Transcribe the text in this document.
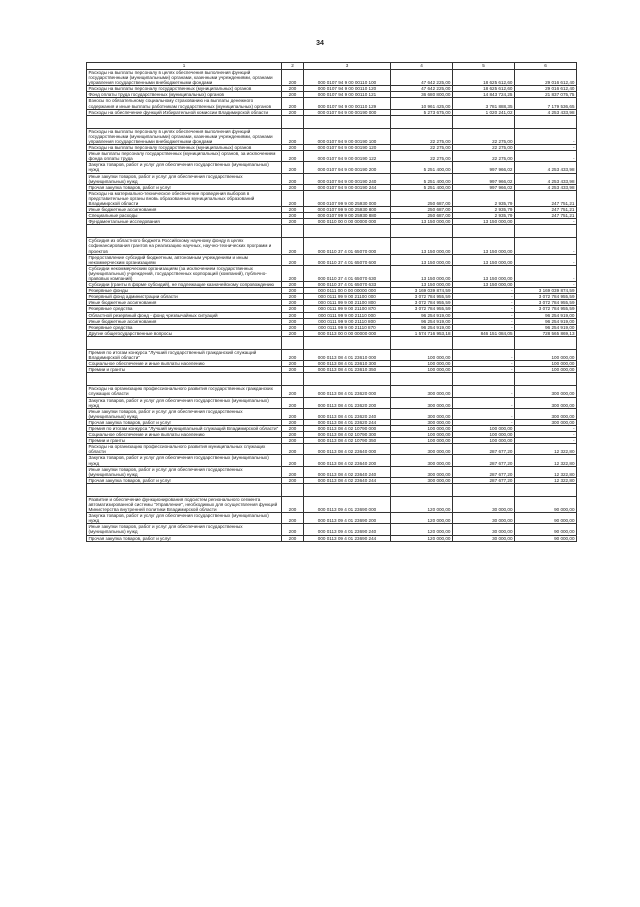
34
1	2	3	4	5	6
Расходы на выплаты персоналу в целях обеспечения выполнения функций государственными (муниципальными) органами, казенными учреждениями, органами управления государственными внебюджетными фондами	200	000 0107 94 9 00 00110 100	47 642 225,00	18 625 612,60	29 016 612,40
Расходы на выплаты персоналу государственных (муниципальных) органов	200	000 0107 94 9 00 00110 120	47 642 225,00	18 625 612,60	29 016 612,40
Фонд оплаты труда государственных (муниципальных) органов	200	000 0107 94 9 00 00110 121	36 680 800,00	14 843 724,25	21 837 075,75
Взносы по обязательному социальному страхованию на выплаты денежного содержания и иные выплаты работникам государственных (муниципальных) органов	200	000 0107 94 9 00 00110 129	10 961 425,00	3 781 888,35	7 179 536,65
Расходы на обеспечение функций Избирательной комиссии Владимирской области	200	000 0107 94 9 00 00190 000	5 273 675,00	1 020 241,02	4 253 433,98

Расходы на выплаты персоналу в целях обеспечения выполнения функций государственными (муниципальными) органами, казенными учреждениями, органами управления государственными внебюджетными фондами	200	000 0107 94 9 00 00190 100	22 275,00	22 275,00	-
Расходы на выплаты персоналу государственных (муниципальных) органов	200	000 0107 94 9 00 00190 120	22 275,00	22 275,00	-
Иные выплаты персоналу государственных (муниципальных) органов, за исключением фонда оплаты труда	200	000 0107 94 9 00 00190 122	22 275,00	22 275,00	-
Закупка товаров, работ и услуг для обеспечения государственных (муниципальных) нужд	200	000 0107 94 9 00 00190 200	5 251 400,00	997 966,02	4 253 433,98
Иные закупки товаров, работ и услуг для обеспечения государственных (муниципальных) нужд	200	000 0107 94 9 00 00190 240	5 251 400,00	997 966,02	4 253 433,98
Прочая закупка товаров, работ и услуг	200	000 0107 94 9 00 00190 244	5 251 400,00	997 966,02	4 253 433,98
Расходы на материально-техническое обеспечение проведения выборов в представительные органы вновь образованных муниципальных образований Владимирской области	200	000 0107 99 9 00 25930 000	250 687,00	2 935,79	247 751,21
Иные бюджетные ассигнования	200	000 0107 99 9 00 25930 800	250 687,00	2 935,79	247 751,21
Специальные расходы	200	000 0107 99 9 00 25930 880	250 687,00	2 935,79	247 751,21
Фундаментальные исследования	200	000 0110 00 0 00 00000 000	13 150 000,00	13 150 000,00	-

Субсидия из областного бюджета Российскому научному фонду в целях софинансирования грантов на реализацию научных, научно-технических программ и проектов	200	000 0110 37 4 01 65070 000	13 150 000,00	13 150 000,00	-
Предоставление субсидий бюджетным, автономным учреждениям и иным некоммерческим организациям	200	000 0110 37 4 01 65070 600	13 150 000,00	13 150 000,00	-
Субсидии некоммерческим организациям (за исключением государственных (муниципальных) учреждений, государственных корпораций (компаний), публично-правовых компаний)	200	000 0110 37 4 01 65070 630	13 150 000,00	13 150 000,00	-
Субсидии (гранты в форме субсидий), не подлежащие казначейскому сопровождению	200	000 0110 37 4 01 65070 633	13 150 000,00	13 150 000,00	-
Резервные фонды	200	000 0111 00 0 00 00000 000	3 169 039 874,59	-	3 169 039 874,59
Резервный фонд администрации области	200	000 0111 99 9 00 21100 000	3 072 784 955,59	-	3 072 784 955,59
Иные бюджетные ассигнования	200	000 0111 99 9 00 21100 800	3 072 784 955,59	-	3 072 784 955,59
Резервные средства	200	000 0111 99 9 00 21100 870	3 072 784 955,59	-	3 072 784 955,59
Областной резервный фонд - фонд чрезвычайных ситуаций	200	000 0111 99 9 00 21110 000	96 254 919,00	-	96 254 919,00
Иные бюджетные ассигнования	200	000 0111 99 9 00 21110 800	96 254 919,00	-	96 254 919,00
Резервные средства	200	000 0111 99 9 00 21110 870	96 254 919,00	-	96 254 919,00
Другие общегосударственные вопросы	200	000 0113 00 0 00 00000 000	1 574 716 953,18	846 151 084,05	728 565 869,13

Премия по итогам конкурса "Лучший государственный гражданский служащий Владимирской области"	200	000 0113 08 4 01 23610 000	100 000,00	-	100 000,00
Социальное обеспечение и иные выплаты населению	200	000 0113 08 4 01 23610 300	100 000,00	-	100 000,00
Премии и гранты	200	000 0113 08 4 01 23610 350	100 000,00	-	100 000,00

Расходы на организацию профессионального развития государственных гражданских служащих области	200	000 0113 08 4 01 23620 000	300 000,00	-	300 000,00
Закупка товаров, работ и услуг для обеспечения государственных (муниципальных) нужд	200	000 0113 08 4 01 23620 200	300 000,00	-	300 000,00
Иные закупки товаров, работ и услуг для обеспечения государственных (муниципальных) нужд	200	000 0113 08 4 01 23620 240	300 000,00	-	300 000,00
Прочая закупка товаров, работ и услуг	200	000 0113 08 4 01 23620 244	300 000,00	-	300 000,00
Премия по итогам конкурса "Лучший муниципальный служащий Владимирской области"	200	000 0113 08 4 02 10790 000	100 000,00	100 000,00	-
Социальное обеспечение и иные выплаты населению	200	000 0113 08 4 02 10790 300	100 000,00	100 000,00	-
Премии и гранты	200	000 0113 08 4 02 10790 350	100 000,00	100 000,00	-
Расходы на организацию профессионального развития муниципальных служащих области	200	000 0113 08 4 02 23640 000	300 000,00	287 677,20	12 322,80
Закупка товаров, работ и услуг для обеспечения государственных (муниципальных) нужд	200	000 0113 08 4 02 23640 200	300 000,00	287 677,20	12 322,80
Иные закупки товаров, работ и услуг для обеспечения государственных (муниципальных) нужд	200	000 0113 08 4 02 23640 240	300 000,00	287 677,20	12 322,80
Прочая закупка товаров, работ и услуг	200	000 0113 08 4 02 23640 244	300 000,00	287 677,20	12 322,80

Развитие и обеспечение функционирования подсистем регионального сегмента автоматизированной системы "Управление", необходимых для осуществления функций Министерства внутренней политики Владимирской области	200	000 0113 09 4 01 23690 000	120 000,00	30 000,00	90 000,00
Закупка товаров, работ и услуг для обеспечения государственных (муниципальных) нужд	200	000 0113 09 4 01 23690 200	120 000,00	30 000,00	90 000,00
Иные закупки товаров, работ и услуг для обеспечения государственных (муниципальных) нужд	200	000 0113 09 4 01 23690 240	120 000,00	30 000,00	90 000,00
Прочая закупка товаров, работ и услуг	200	000 0113 09 4 01 23690 244	120 000,00	30 000,00	90 000,00
